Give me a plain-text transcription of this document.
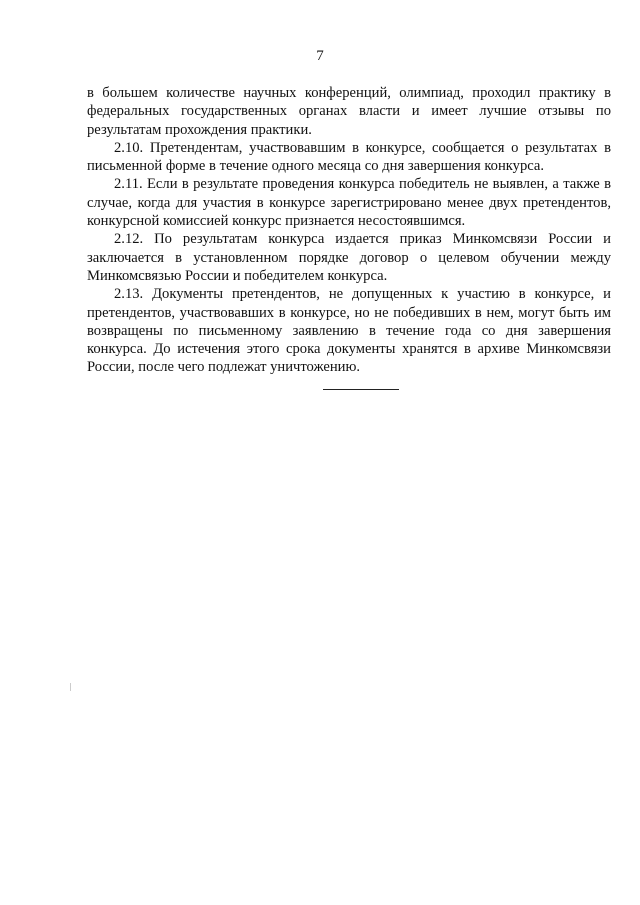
7

в большем количестве научных конференций, олимпиад, проходил практику в федеральных государственных органах власти и имеет лучшие отзывы по результатам прохождения практики.

2.10. Претендентам, участвовавшим в конкурсе, сообщается о результатах в письменной форме в течение одного месяца со дня завершения конкурса.

2.11. Если в результате проведения конкурса победитель не выявлен, а также в случае, когда для участия в конкурсе зарегистрировано менее двух претендентов, конкурсной комиссией конкурс признается несостоявшимся.

2.12. По результатам конкурса издается приказ Минкомсвязи России и заключается в установленном порядке договор о целевом обучении между Минкомсвязью России и победителем конкурса.

2.13. Документы претендентов, не допущенных к участию в конкурсе, и претендентов, участвовавших в конкурсе, но не победивших в нем, могут быть им возвращены по письменному заявлению в течение года со дня завершения конкурса. До истечения этого срока документы хранятся в архиве Минкомсвязи России, после чего подлежат уничтожению.
